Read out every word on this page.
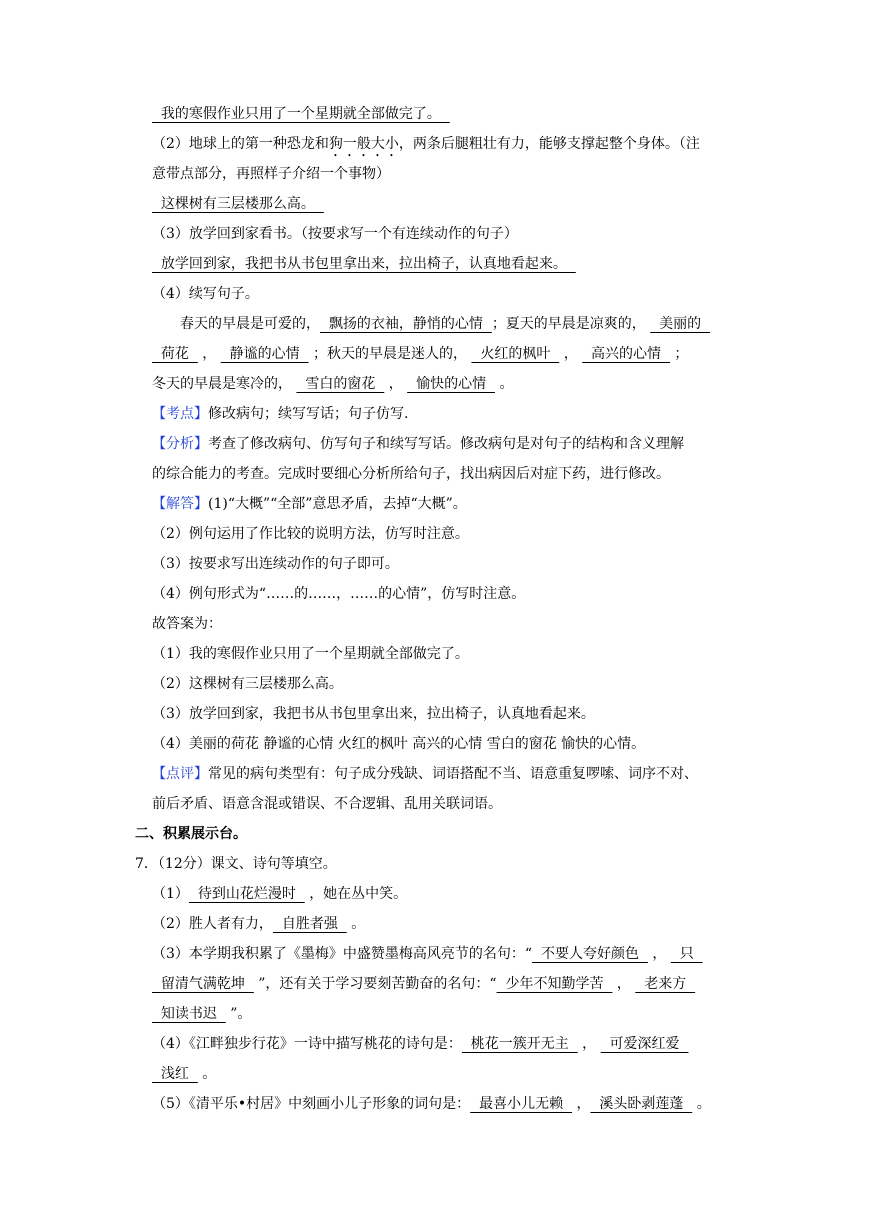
我的寒假作业只用了一个星期就全部做完了。
（2）地球上的第一种恐龙和狗一般大小，两条后腿粗壮有力，能够支撑起整个身体。（注
意带点部分，再照样子介绍一个事物）
这棵树有三层楼那么高。
（3）放学回到家看书。（按要求写一个有连续动作的句子）
放学回到家，我把书从书包里拿出来，拉出椅子，认真地看起来。
（4）续写句子。
春天的早晨是可爱的，  飘扬的衣袖，静悄的心情  ；夏天的早晨是凉爽的，   美丽的
荷花   ，   静谧的心情   ；秋天的早晨是迷人的，   火红的枫叶   ，   高兴的心情   ；
冬天的早晨是寒冷的，   雪白的窗花   ，   愉快的心情   。
【考点】修改病句；续写写话；句子仿写.
【分析】考查了修改病句、仿写句子和续写写话。修改病句是对句子的结构和含义理解
的综合能力的考查。完成时要细心分析所给句子，找出病因后对症下药，进行修改。
【解答】(1)“大概”“全部”意思矛盾，去掉“大概”。
（2）例句运用了作比较的说明方法，仿写时注意。
（3）按要求写出连续动作的句子即可。
（4）例句形式为“……的……，……的心情”，仿写时注意。
故答案为：
（1）我的寒假作业只用了一个星期就全部做完了。
（2）这棵树有三层楼那么高。
（3）放学回到家，我把书从书包里拿出来，拉出椅子，认真地看起来。
（4）美丽的荷花 静谧的心情 火红的枫叶 高兴的心情 雪白的窗花 愉快的心情。
【点评】常见的病句类型有：句子成分残缺、词语搭配不当、语意重复啰嗦、词序不对、
前后矛盾、语意含混或错误、不合逻辑、乱用关联词语。
二、积累展示台。
7．（12分）课文、诗句等填空。
（1）  待到山花烂漫时   ，她在丛中笑。
（2）胜人者有力，  自胜者强   。
（3）本学期我积累了《墨梅》中盛赞墨梅高风亮节的名句：“  不要人夸好颜色   ，   只
留清气满乾坤   ”，还有关于学习要刻苦勤奋的名句：“  少年不知勤学苦   ，   老来方
知读书迟   ”。
（4）《江畔独步行花》一诗中描写桃花的诗句是：  桃花一簇开无主   ，   可爱深红爱
浅红   。
（5）《清平乐•村居》中刻画小儿子形象的词句是：  最喜小儿无赖   ，  溪头卧剥莲蓬   。
